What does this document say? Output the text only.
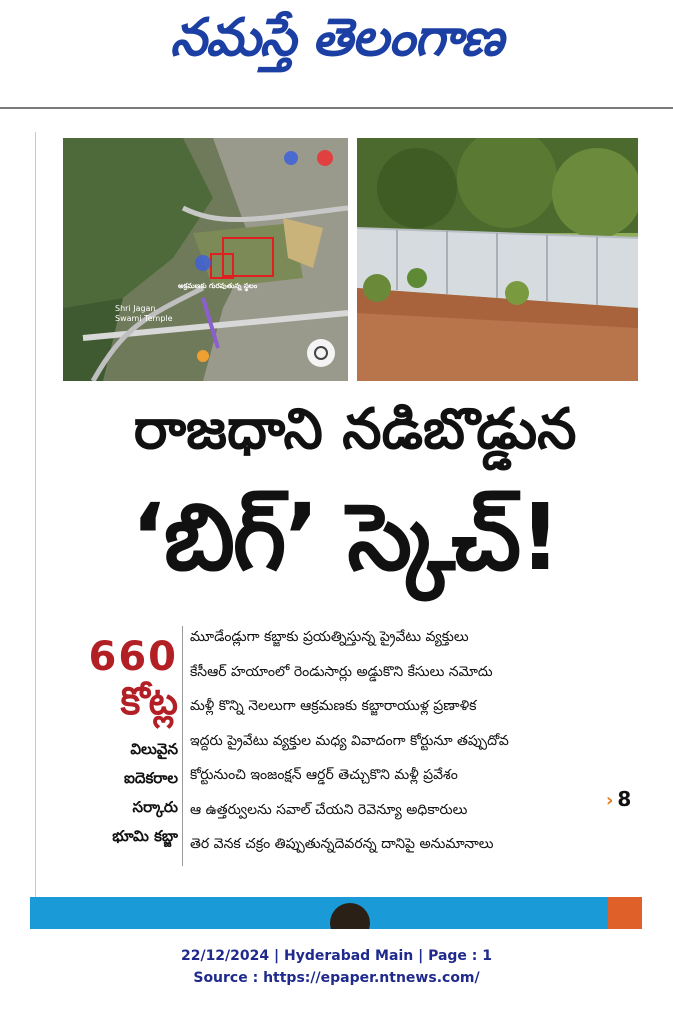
నమస్తే తెలంగాణ
అక్రమణకు గురవుతున్న స్థలం
Shri Jagan Swami Temple
రాజధాని నడిబొడ్డున
‘బిగ్’ స్కెచ్!
660
కోట్ల
విలువైన
ఐదెకరాల
సర్కారు
భూమి కబ్జా
మూడేండ్లుగా కబ్జాకు ప్రయత్నిస్తున్న ప్రైవేటు వ్యక్తులు
కేసీఆర్ హయాంలో రెండుసార్లు అడ్డుకొని కేసులు నమోదు
మళ్లీ కొన్ని నెలలుగా ఆక్రమణకు కబ్జారాయుళ్ల ప్రణాళిక
ఇద్దరు ప్రైవేటు వ్యక్తుల మధ్య వివాదంగా కోర్టునూ తప్పుదోవ
కోర్టునుంచి ఇంజంక్షన్ ఆర్డర్ తెచ్చుకొని మళ్లీ ప్రవేశం
ఆ ఉత్తర్వులను సవాల్ చేయని రెవెన్యూ అధికారులు
తెర వెనక చక్రం తిప్పుతున్నదెవరన్న దానిపై అనుమానాలు
› 8
22/12/2024 | Hyderabad Main | Page : 1
Source : https://epaper.ntnews.com/
